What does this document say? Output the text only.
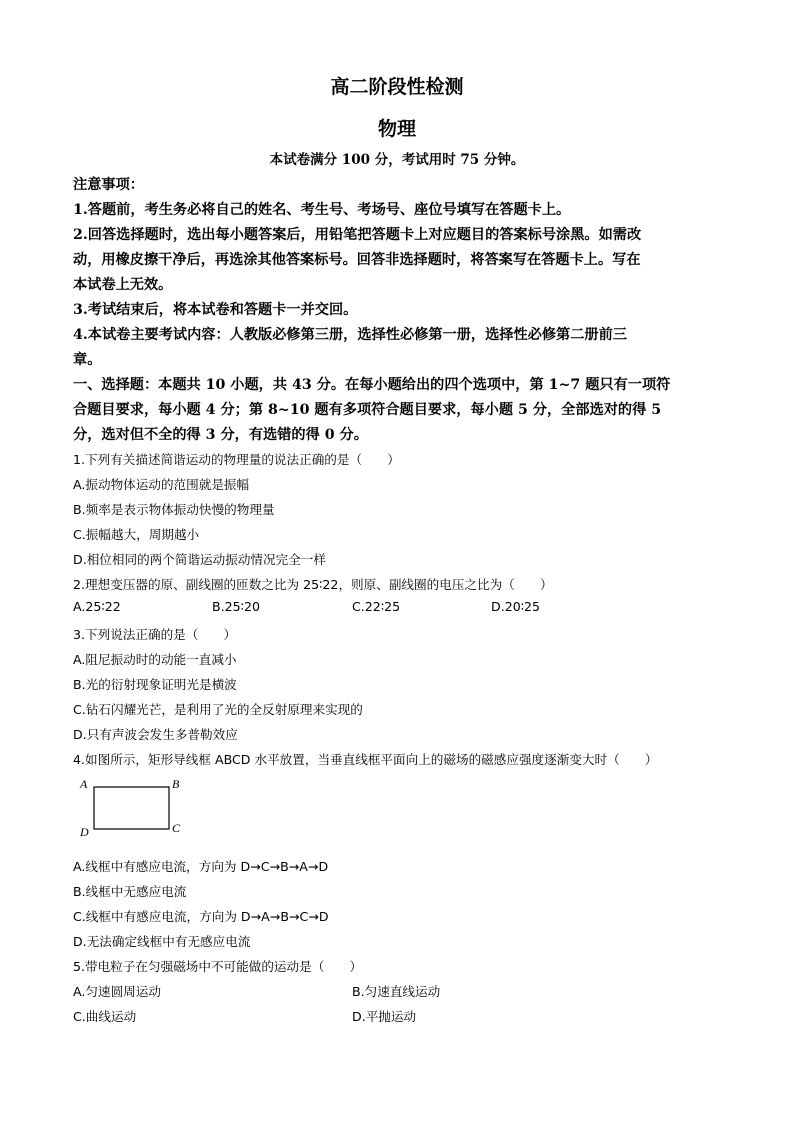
高二阶段性检测
物理
本试卷满分 100 分，考试用时 75 分钟。
注意事项：
1.答题前，考生务必将自己的姓名、考生号、考场号、座位号填写在答题卡上。
2.回答选择题时，选出每小题答案后，用铅笔把答题卡上对应题目的答案标号涂黑。如需改
动，用橡皮擦干净后，再选涂其他答案标号。回答非选择题时，将答案写在答题卡上。写在
本试卷上无效。
3.考试结束后，将本试卷和答题卡一并交回。
4.本试卷主要考试内容：人教版必修第三册，选择性必修第一册，选择性必修第二册前三
章。
一、选择题：本题共 10 小题，共 43 分。在每小题给出的四个选项中，第 1~7 题只有一项符
合题目要求，每小题 4 分；第 8~10 题有多项符合题目要求，每小题 5 分，全部选对的得 5
分，选对但不全的得 3 分，有选错的得 0 分。
1.下列有关描述简谐运动的物理量的说法正确的是（　　）
A.振动物体运动的范围就是振幅
B.频率是表示物体振动快慢的物理量
C.振幅越大，周期越小
D.相位相同的两个简谐运动振动情况完全一样
2.理想变压器的原、副线圈的匝数之比为 25∶22，则原、副线圈的电压之比为（　　）
A.25∶22	B.25∶20	C.22∶25	D.20∶25
3.下列说法正确的是（　　）
A.阻尼振动时的动能一直减小
B.光的衍射现象证明光是横波
C.钻石闪耀光芒，是利用了光的全反射原理来实现的
D.只有声波会发生多普勒效应
4.如图所示，矩形导线框 ABCD 水平放置，当垂直线框平面向上的磁场的磁感应强度逐渐变大时（　　）
A	B
C
D
A.线框中有感应电流，方向为 D→C→B→A→D
B.线框中无感应电流
C.线框中有感应电流，方向为 D→A→B→C→D
D.无法确定线框中有无感应电流
5.带电粒子在匀强磁场中不可能做的运动是（　　）
A.匀速圆周运动	B.匀速直线运动
C.曲线运动	D.平抛运动
